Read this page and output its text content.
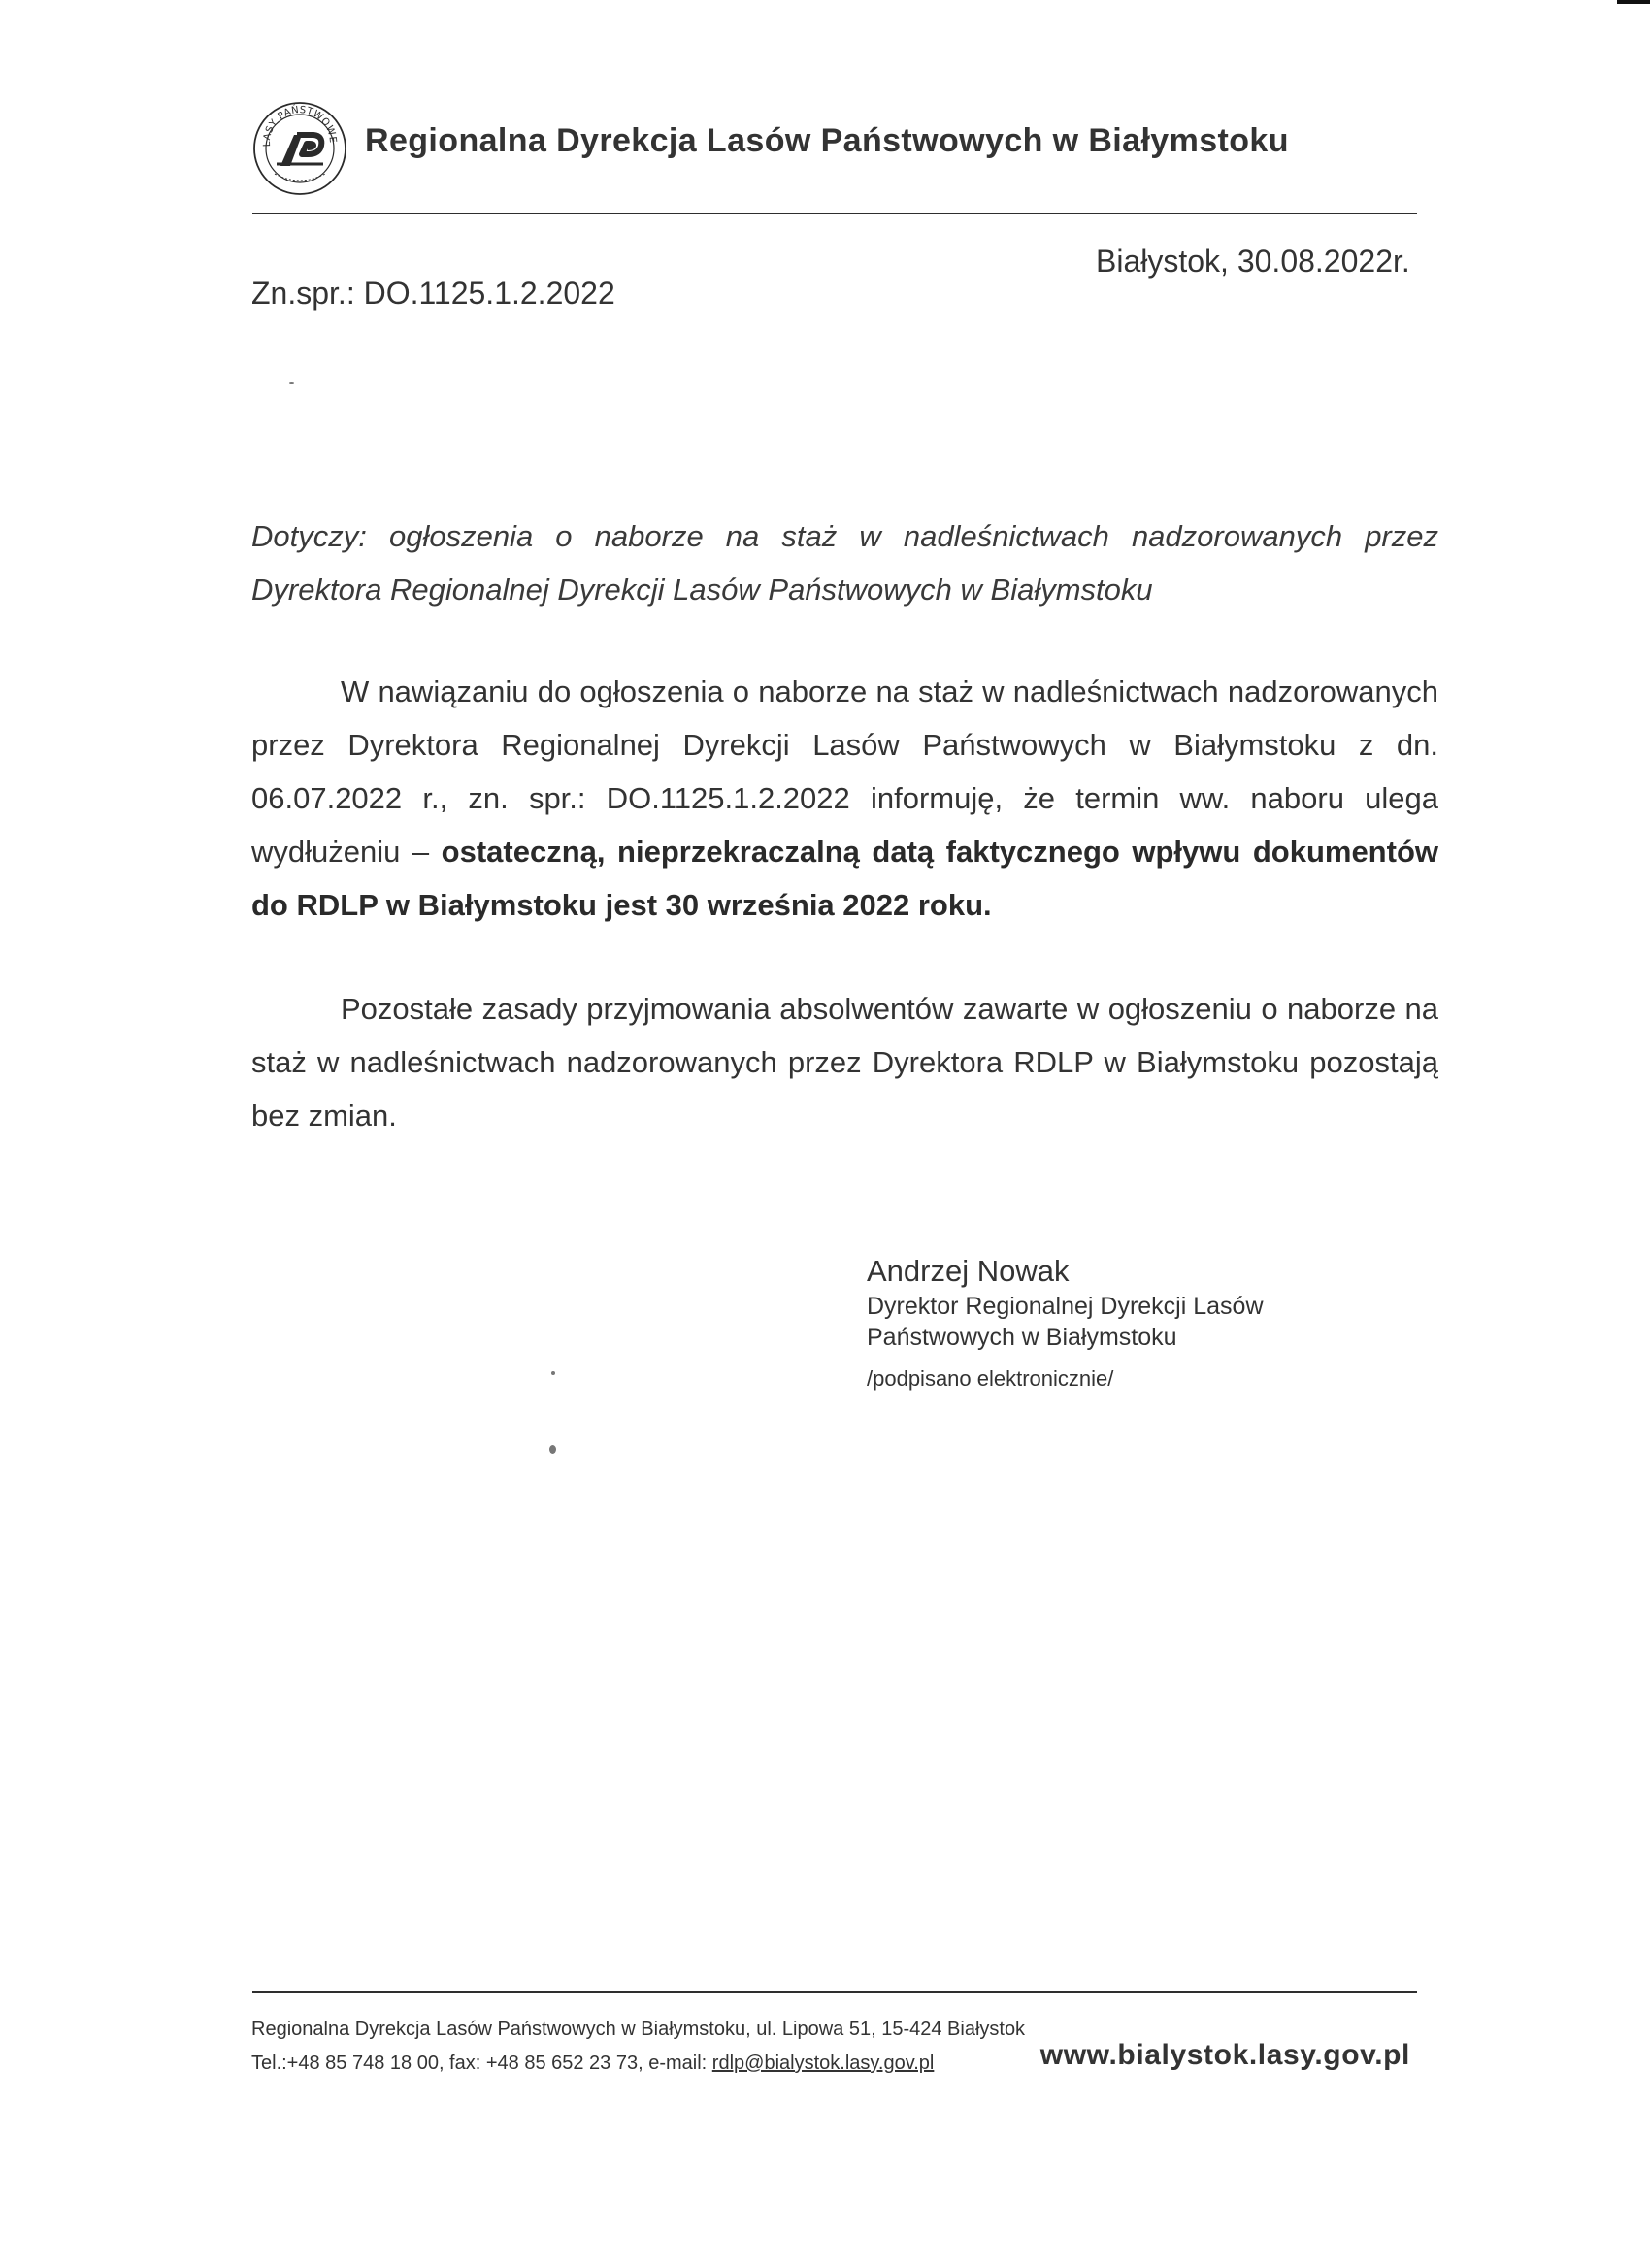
LASY PAŃSTWOWE Regionalna Dyrekcja Lasów Państwowych w Białymstoku
Zn.spr.: DO.1125.1.2.2022
Białystok, 30.08.2022r.
Dotyczy: ogłoszenia o naborze na staż w nadleśnictwach nadzorowanych przez Dyrektora Regionalnej Dyrekcji Lasów Państwowych w Białymstoku
W nawiązaniu do ogłoszenia o naborze na staż w nadleśnictwach nadzorowanych przez Dyrektora Regionalnej Dyrekcji Lasów Państwowych w Białymstoku z dn. 06.07.2022 r., zn. spr.: DO.1125.1.2.2022 informuję, że termin ww. naboru ulega wydłużeniu – ostateczną, nieprzekraczalną datą faktycznego wpływu dokumentów do RDLP w Białymstoku jest 30 września 2022 roku.
Pozostałe zasady przyjmowania absolwentów zawarte w ogłoszeniu o naborze na staż w nadleśnictwach nadzorowanych przez Dyrektora RDLP w Białymstoku pozostają bez zmian.
Andrzej Nowak
Dyrektor Regionalnej Dyrekcji Lasów Państwowych w Białymstoku
/podpisano elektronicznie/
Regionalna Dyrekcja Lasów Państwowych w Białymstoku, ul. Lipowa 51, 15-424 Białystok
Tel.:+48 85 748 18 00, fax: +48 85 652 23 73, e-mail: rdlp@bialystok.lasy.gov.pl	www.bialystok.lasy.gov.pl
